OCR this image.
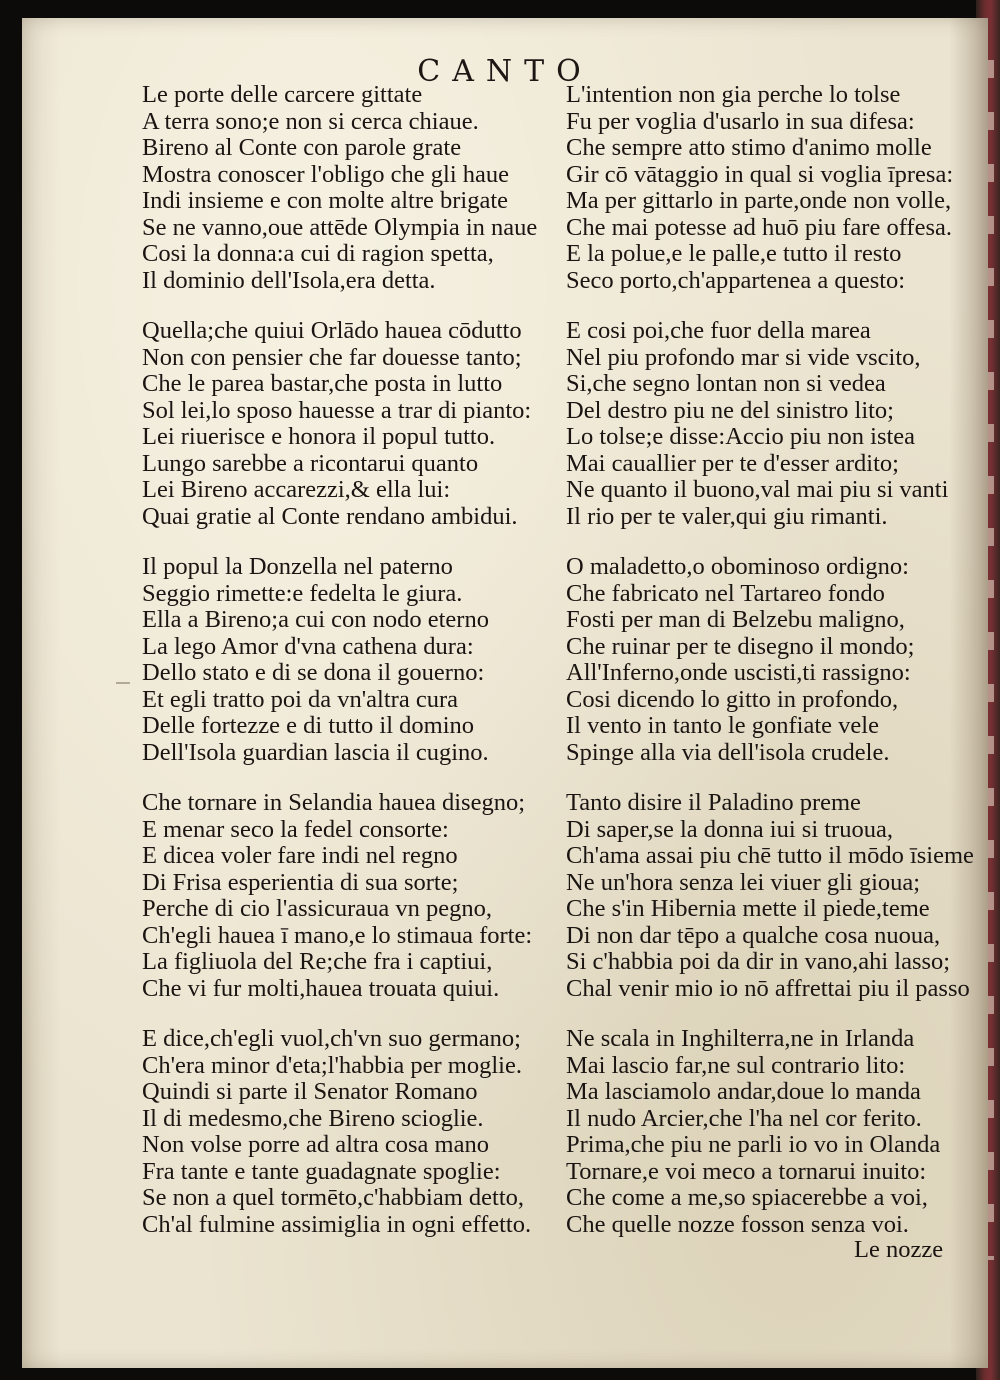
CANTO
Le porte delle carcere gittate
A terra sono;e non si cerca chiaue.
Bireno al Conte con parole grate
Mostra conoscer l'obligo che gli haue
Indi insieme e con molte altre brigate
Se ne vanno,oue attēde Olympia in naue
Cosi la donna:a cui di ragion spetta,
Il dominio dell'Isola,era detta.
Quella;che quiui Orlādo hauea cōdutto
Non con pensier che far douesse tanto;
Che le parea bastar,che posta in lutto
Sol lei,lo sposo hauesse a trar di pianto:
Lei riuerisce e honora il popul tutto.
Lungo sarebbe a ricontarui quanto
Lei Bireno accarezzi,& ella lui:
Quai gratie al Conte rendano ambidui.
Il popul la Donzella nel paterno
Seggio rimette:e fedelta le giura.
Ella a Bireno;a cui con nodo eterno
La lego Amor d'vna cathena dura:
Dello stato e di se dona il gouerno:
Et egli tratto poi da vn'altra cura
Delle fortezze e di tutto il domino
Dell'Isola guardian lascia il cugino.
Che tornare in Selandia hauea disegno;
E menar seco la fedel consorte:
E dicea voler fare indi nel regno
Di Frisa esperientia di sua sorte;
Perche di cio l'assicuraua vn pegno,
Ch'egli hauea ī mano,e lo stimaua forte:
La figliuola del Re;che fra i captiui,
Che vi fur molti,hauea trouata quiui.
E dice,ch'egli vuol,ch'vn suo germano;
Ch'era minor d'eta;l'habbia per moglie.
Quindi si parte il Senator Romano
Il di medesmo,che Bireno scioglie.
Non volse porre ad altra cosa mano
Fra tante e tante guadagnate spoglie:
Se non a quel tormēto,c'habbiam detto,
Ch'al fulmine assimiglia in ogni effetto.
L'intention non gia perche lo tolse
Fu per voglia d'usarlo in sua difesa:
Che sempre atto stimo d'animo molle
Gir cō vātaggio in qual si voglia īpresa:
Ma per gittarlo in parte,onde non volle,
Che mai potesse ad huō piu fare offesa.
E la polue,e le palle,e tutto il resto
Seco porto,ch'appartenea a questo:
E cosi poi,che fuor della marea
Nel piu profondo mar si vide vscito,
Si,che segno lontan non si vedea
Del destro piu ne del sinistro lito;
Lo tolse;e disse:Accio piu non istea
Mai cauallier per te d'esser ardito;
Ne quanto il buono,val mai piu si vanti
Il rio per te valer,qui giu rimanti.
O maladetto,o obominoso ordigno:
Che fabricato nel Tartareo fondo
Fosti per man di Belzebu maligno,
Che ruinar per te disegno il mondo;
All'Inferno,onde uscisti,ti rassigno:
Cosi dicendo lo gitto in profondo,
Il vento in tanto le gonfiate vele
Spinge alla via dell'isola crudele.
Tanto disire il Paladino preme
Di saper,se la donna iui si truoua,
Ch'ama assai piu chē tutto il mōdo īsieme
Ne un'hora senza lei viuer gli gioua;
Che s'in Hibernia mette il piede,teme
Di non dar tēpo a qualche cosa nuoua,
Si c'habbia poi da dir in vano,ahi lasso;
Chal venir mio io nō affrettai piu il passo
Ne scala in Inghilterra,ne in Irlanda
Mai lascio far,ne sul contrario lito:
Ma lasciamolo andar,doue lo manda
Il nudo Arcier,che l'ha nel cor ferito.
Prima,che piu ne parli io vo in Olanda
Tornare,e voi meco a tornarui inuito:
Che come a me,so spiacerebbe a voi,
Che quelle nozze fosson senza voi.
Le nozze
